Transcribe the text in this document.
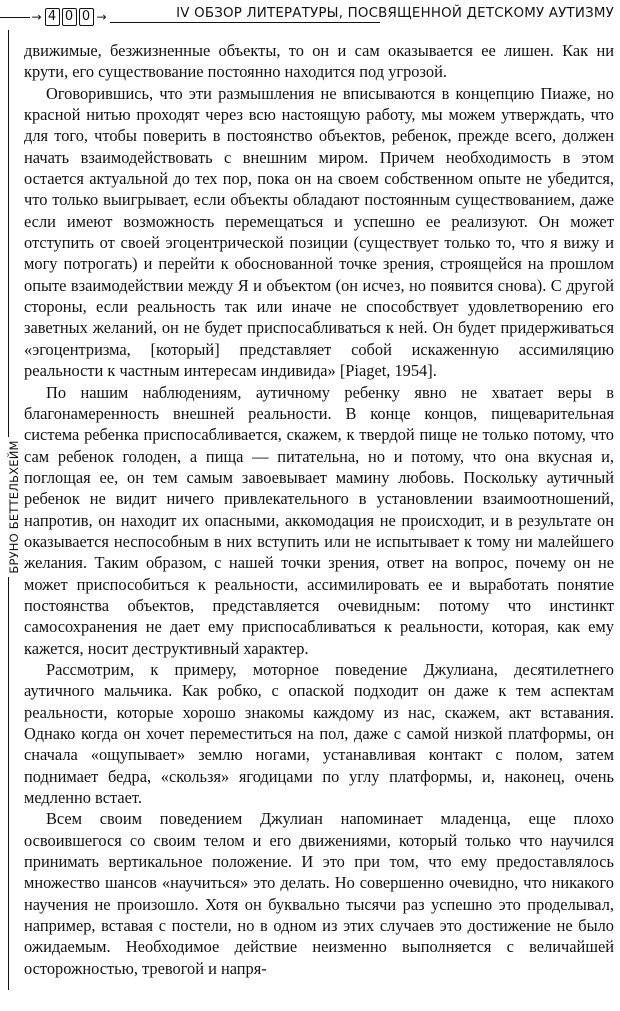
→ 4 0 0 →	IV ОБЗОР ЛИТЕРАТУРЫ, ПОСВЯЩЕННОЙ ДЕТСКОМУ АУТИЗМУ
БРУНО БЕТТЕЛЬХЕЙМ

движимые, безжизненные объекты, то он и сам оказывается ее лишен. Как ни крути, его существование постоянно находится под угрозой.

Оговорившись, что эти размышления не вписываются в концепцию Пиаже, но красной нитью проходят через всю настоящую работу, мы можем утверждать, что для того, чтобы поверить в постоянство объектов, ребенок, прежде всего, должен начать взаимодействовать с внешним миром. Причем необходимость в этом остается актуальной до тех пор, пока он на своем собственном опыте не убедится, что только выигрывает, если объекты обладают постоянным существованием, даже если имеют возможность перемещаться и успешно ее реализуют. Он может отступить от своей эгоцентрической позиции (существует только то, что я вижу и могу потрогать) и перейти к обоснованной точке зрения, строящейся на прошлом опыте взаимодействии между Я и объектом (он исчез, но появится снова). С другой стороны, если реальность так или иначе не способствует удовлетворению его заветных желаний, он не будет приспосабливаться к ней. Он будет придерживаться «эгоцентризма, [который] представляет собой искаженную ассимиляцию реальности к частным интересам индивида» [Piaget, 1954].

По нашим наблюдениям, аутичному ребенку явно не хватает веры в благонамеренность внешней реальности. В конце концов, пищеварительная система ребенка приспосабливается, скажем, к твердой пище не только потому, что сам ребенок голоден, а пища — питательна, но и потому, что она вкусная и, поглощая ее, он тем самым завоевывает мамину любовь. Поскольку аутичный ребенок не видит ничего привлекательного в установлении взаимоотношений, напротив, он находит их опасными, аккомодация не происходит, и в результате он оказывается неспособным в них вступить или не испытывает к тому ни малейшего желания. Таким образом, с нашей точки зрения, ответ на вопрос, почему он не может приспособиться к реальности, ассимилировать ее и выработать понятие постоянства объектов, представляется очевидным: потому что инстинкт самосохранения не дает ему приспосабливаться к реальности, которая, как ему кажется, носит деструктивный характер.

Рассмотрим, к примеру, моторное поведение Джулиана, десятилетнего аутичного мальчика. Как робко, с опаской подходит он даже к тем аспектам реальности, которые хорошо знакомы каждому из нас, скажем, акт вставания. Однако когда он хочет переместиться на пол, даже с самой низкой платформы, он сначала «ощупывает» землю ногами, устанавливая контакт с полом, затем поднимает бедра, «скользя» ягодицами по углу платформы, и, наконец, очень медленно встает.

Всем своим поведением Джулиан напоминает младенца, еще плохо освоившегося со своим телом и его движениями, который только что научился принимать вертикальное положение. И это при том, что ему предоставлялось множество шансов «научиться» это делать. Но совершенно очевидно, что никакого научения не произошло. Хотя он буквально тысячи раз успешно это проделывал, например, вставая с постели, но в одном из этих случаев это достижение не было ожидаемым. Необходимое действие неизменно выполняется с величайшей осторожностью, тревогой и напря-
